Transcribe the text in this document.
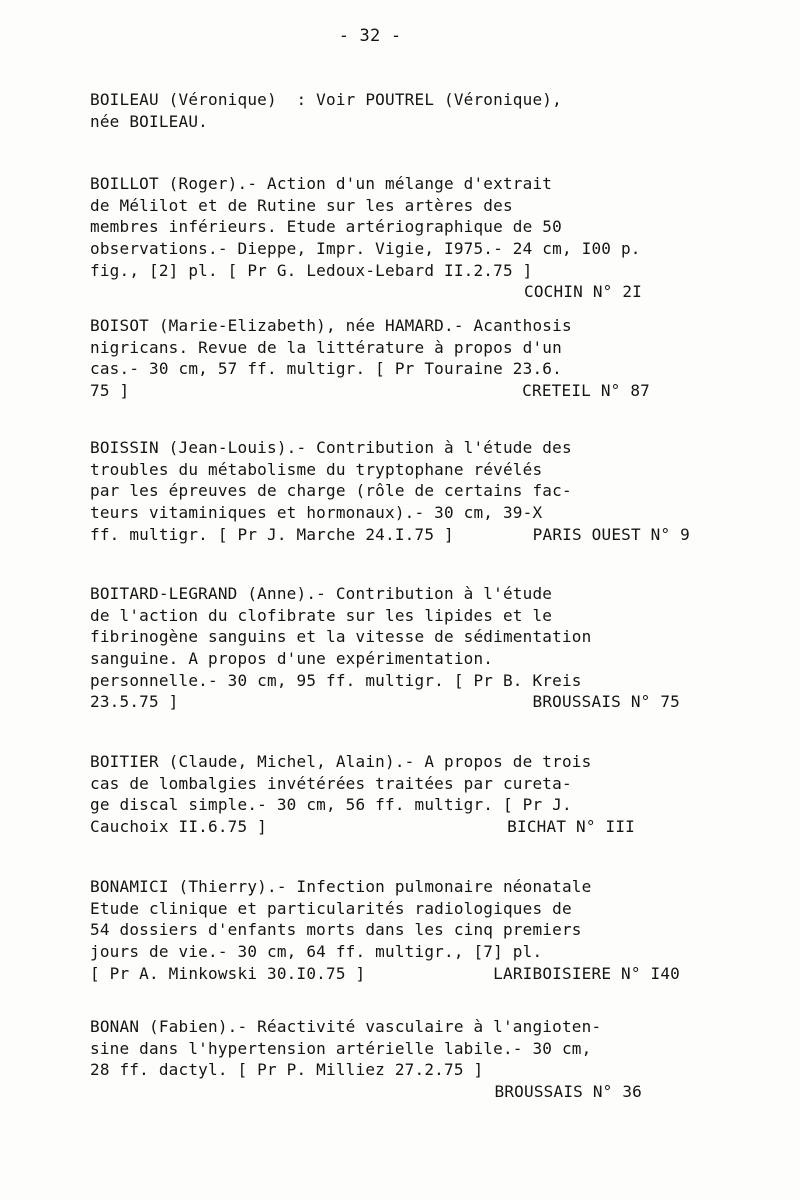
- 32 -
BOILEAU (Véronique)  : Voir POUTREL (Véronique),
née BOILEAU.
BOILLOT (Roger).- Action d'un mélange d'extrait
de Mélilot et de Rutine sur les artères des
membres inférieurs. Etude artériographique de 50
observations.- Dieppe, Impr. Vigie, I975.- 24 cm, I00 p.
fig., [2] pl. [ Pr G. Ledoux-Lebard II.2.75 ]
COCHIN N° 2I
BOISOT (Marie-Elizabeth), née HAMARD.- Acanthosis
nigricans. Revue de la littérature à propos d'un
cas.- 30 cm, 57 ff. multigr. [ Pr Touraine 23.6.
75 ]	CRETEIL N° 87
BOISSIN (Jean-Louis).- Contribution à l'étude des
troubles du métabolisme du tryptophane révélés
par les épreuves de charge (rôle de certains fac-
teurs vitaminiques et hormonaux).- 30 cm, 39-X
ff. multigr. [ Pr J. Marche 24.I.75 ]	PARIS OUEST N° 9
BOITARD-LEGRAND (Anne).- Contribution à l'étude
de l'action du clofibrate sur les lipides et le
fibrinogène sanguins et la vitesse de sédimentation
sanguine. A propos d'une expérimentation.
personnelle.- 30 cm, 95 ff. multigr. [ Pr B. Kreis
23.5.75 ]	BROUSSAIS N° 75
BOITIER (Claude, Michel, Alain).- A propos de trois
cas de lombalgies invétérées traitées par cureta-
ge discal simple.- 30 cm, 56 ff. multigr. [ Pr J.
Cauchoix II.6.75 ]	BICHAT N° III
BONAMICI (Thierry).- Infection pulmonaire néonatale
Etude clinique et particularités radiologiques de
54 dossiers d'enfants morts dans les cinq premiers
jours de vie.- 30 cm, 64 ff. multigr., [7] pl.
[ Pr A. Minkowski 30.I0.75 ]	LARIBOISIERE N° I40
BONAN (Fabien).- Réactivité vasculaire à l'angioten-
sine dans l'hypertension artérielle labile.- 30 cm,
28 ff. dactyl. [ Pr P. Milliez 27.2.75 ]
BROUSSAIS N° 36
